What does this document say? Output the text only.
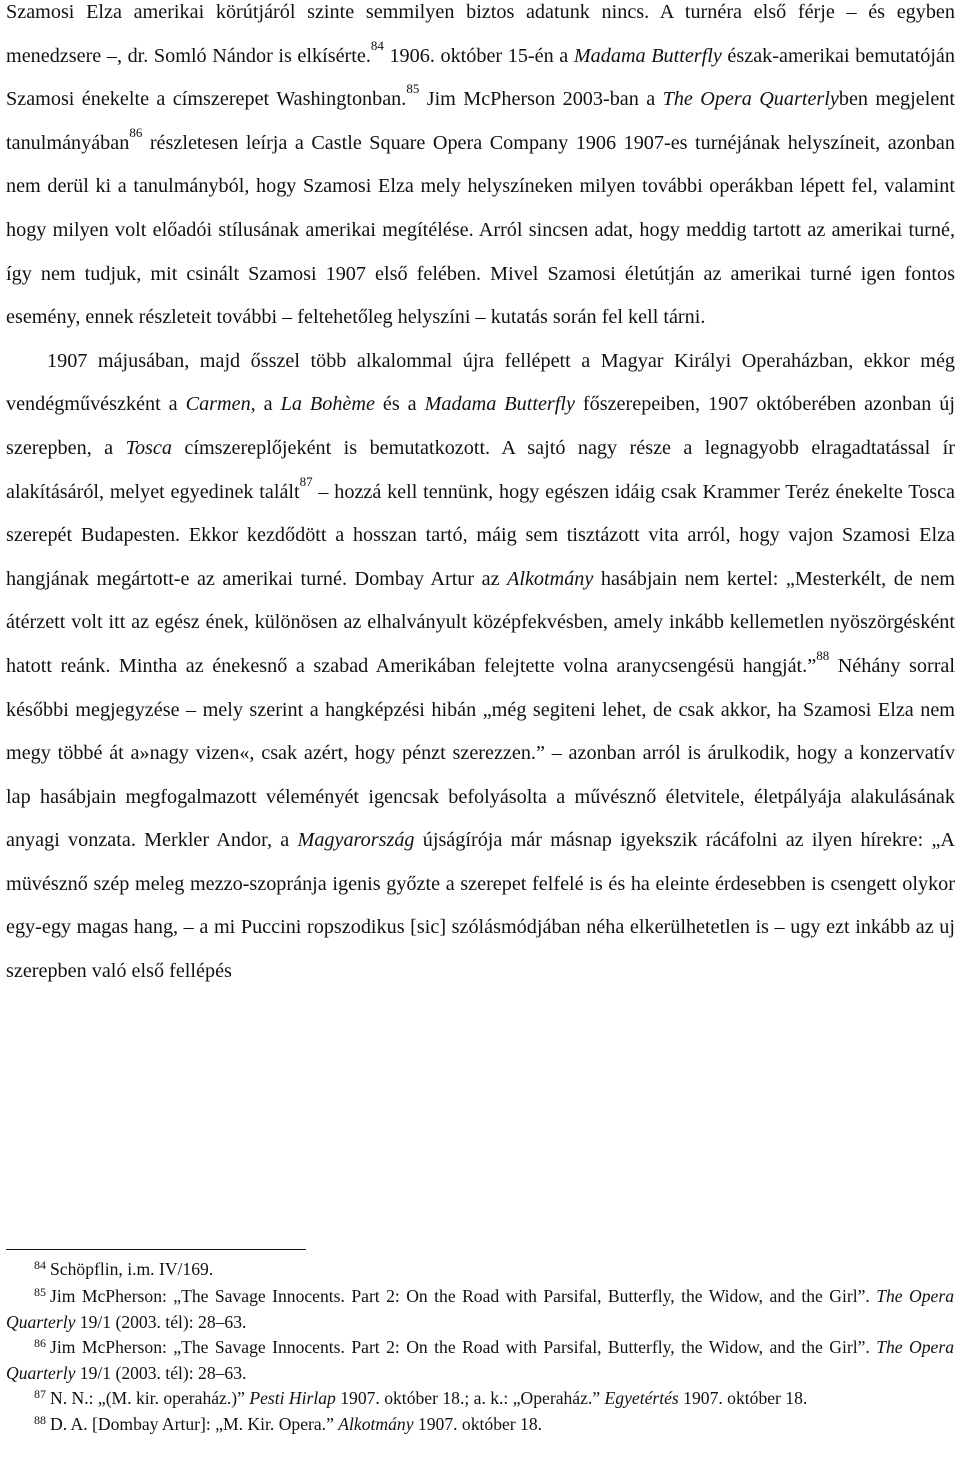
Szamosi Elza amerikai körútjáról szinte semmilyen biztos adatunk nincs. A turnéra első férje – és egyben menedzsere –, dr. Somló Nándor is elkísérte.$^{84}$ 1906. október 15-én a Madama Butterfly észak-amerikai bemutatóján Szamosi énekelte a címszerepet Washingtonban.$^{85}$ Jim McPherson 2003-ban a The Opera Quarterlyben megjelent tanulmányában$^{86}$ részletesen leírja a Castle Square Opera Company 1906 1907-es turnéjának helyszíneit, azonban nem derül ki a tanulmányból, hogy Szamosi Elza mely helyszíneken milyen további operákban lépett fel, valamint hogy milyen volt előadói stílusának amerikai megítélése. Arról sincsen adat, hogy meddig tartott az amerikai turné, így nem tudjuk, mit csinált Szamosi 1907 első felében. Mivel Szamosi életútján az amerikai turné igen fontos esemény, ennek részleteit további – feltehetőleg helyszíni – kutatás során fel kell tárni.

1907 májusában, majd ősszel több alkalommal újra fellépett a Magyar Királyi Operaházban, ekkor még vendégművészként a Carmen, a La Bohème és a Madama Butterfly főszerepeiben, 1907 októberében azonban új szerepben, a Tosca címszereplőjeként is bemutatkozott. A sajtó nagy része a legnagyobb elragadtatással ír alakításáról, melyet egyedinek talált$^{87}$ – hozzá kell tennünk, hogy egészen idáig csak Krammer Teréz énekelte Tosca szerepét Budapesten. Ekkor kezdődött a hosszan tartó, máig sem tisztázott vita arról, hogy vajon Szamosi Elza hangjának megártott-e az amerikai turné. Dombay Artur az Alkotmány hasábjain nem kertel: „Mesterkélt, de nem átérzett volt itt az egész ének, különösen az elhalványult középfekvésben, amely inkább kellemetlen nyöszörgésként hatott reánk. Mintha az énekesnő a szabad Amerikában felejtette volna aranycsengésü hangját.”$^{88}$ Néhány sorral későbbi megjegyzése – mely szerint a hangképzési hibán „még segiteni lehet, de csak akkor, ha Szamosi Elza nem megy többé át a»nagy vizen«, csak azért, hogy pénzt szerezzen.” – azonban arról is árulkodik, hogy a konzervatív lap hasábjain megfogalmazott véleményét igencsak befolyásolta a művésznő életvitele, életpályája alakulásának anyagi vonzata. Merkler Andor, a Magyarország újságírója már másnap igyekszik rácáfolni az ilyen hírekre: „A müvésznő szép meleg mezzo-szopránja igenis győzte a szerepet felfelé is és ha eleinte érdesebben is csengett olykor egy-egy magas hang, – a mi Puccini ropszodikus [sic] szólásmódjában néha elkerülhetetlen is – ugy ezt inkább az uj szerepben való első fellépés

$^{84}$ Schöpflin, i.m. IV/169.

$^{85}$ Jim McPherson: „The Savage Innocents. Part 2: On the Road with Parsifal, Butterfly, the Widow, and the Girl”. The Opera Quarterly 19/1 (2003. tél): 28–63.

$^{86}$ Jim McPherson: „The Savage Innocents. Part 2: On the Road with Parsifal, Butterfly, the Widow, and the Girl”. The Opera Quarterly 19/1 (2003. tél): 28–63.

$^{87}$ N. N.: „(M. kir. operaház.)” Pesti Hirlap 1907. október 18.; a. k.: „Operaház.” Egyetértés 1907. október 18.

$^{88}$ D. A. [Dombay Artur]: „M. Kir. Opera.” Alkotmány 1907. október 18.
